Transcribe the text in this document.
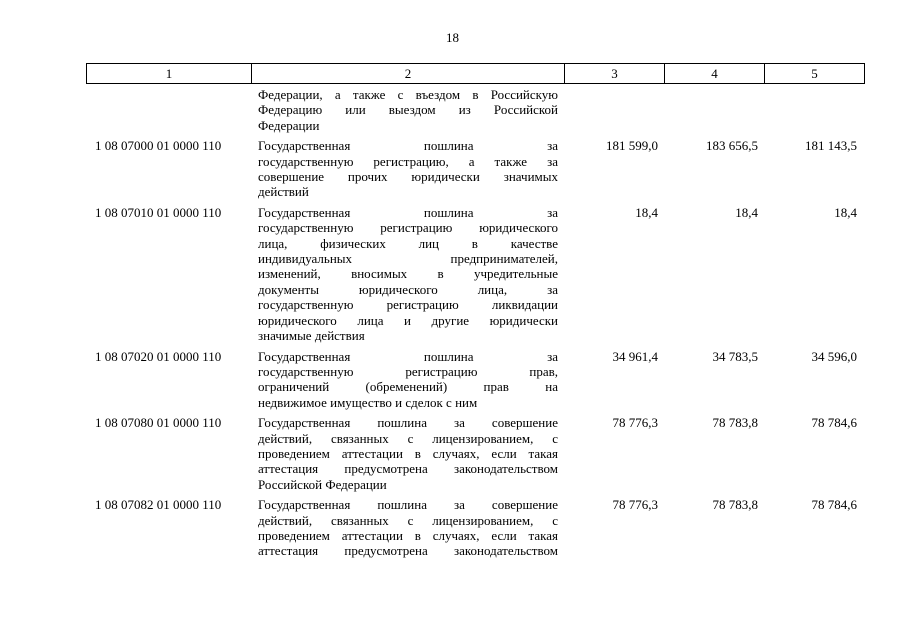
18
1	2	3	4	5
Федерации, а также с въездом в Российскую
Федерацию или выездом из Российской
Федерации
1 08 07000 01 0000 110	Государственная пошлина за
государственную регистрацию, а также за
совершение прочих юридически значимых
действий
181 599,0	183 656,5	181 143,5
1 08 07010 01 0000 110	Государственная пошлина за
государственную регистрацию юридического
лица, физических лиц в качестве
индивидуальных предпринимателей,
изменений, вносимых в учредительные
документы юридического лица, за
государственную регистрацию ликвидации
юридического лица и другие юридически
значимые действия
18,4	18,4	18,4
1 08 07020 01 0000 110	Государственная пошлина за
государственную регистрацию прав,
ограничений (обременений) прав на
недвижимое имущество и сделок с ним
34 961,4	34 783,5	34 596,0
1 08 07080 01 0000 110	Государственная пошлина за совершение
действий, связанных с лицензированием, с
проведением аттестации в случаях, если такая
аттестация предусмотрена законодательством
Российской Федерации
78 776,3	78 783,8	78 784,6
1 08 07082 01 0000 110	Государственная пошлина за совершение
действий, связанных с лицензированием, с
проведением аттестации в случаях, если такая
аттестация предусмотрена законодательством
78 776,3	78 783,8	78 784,6
